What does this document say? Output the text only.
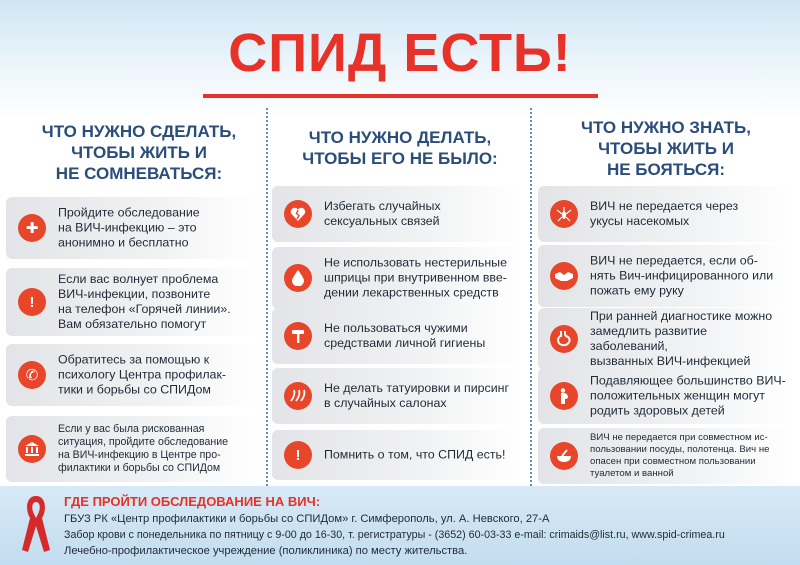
СПИД ЕСТЬ!
ЧТО НУЖНО СДЕЛАТЬ,
ЧТОБЫ ЖИТЬ И
НЕ СОМНЕВАТЬСЯ:
ЧТО НУЖНО ДЕЛАТЬ,
ЧТОБЫ ЕГО НЕ БЫЛО:
ЧТО НУЖНО ЗНАТЬ,
ЧТОБЫ ЖИТЬ И
НЕ БОЯТЬСЯ:
✚
Пройдите обследование
на ВИЧ-инфекцию – это
анонимно и бесплатно
!
Если вас волнует проблема
ВИЧ-инфекции, позвоните
на телефон «Горячей линии».
Вам обязательно помогут
✆
Обратитесь за помощью к
психологу Центра профилак-
тики и борьбы со СПИДом
Если у вас была рискованная
ситуация, пройдите обследование
на ВИЧ-инфекцию в Центре про-
филактики и борьбы со СПИДом
Избегать случайных
сексуальных связей
Не использовать нестерильные
шприцы при внутривенном вве-
дении лекарственных средств
Не пользоваться чужими
средствами личной гигиены
Не делать татуировки и пирсинг
в случайных салонах
!	Помнить о том, что СПИД есть!
ВИЧ не передается через
укусы насекомых
ВИЧ не передается, если об-
нять Вич-инфицированного или
пожать ему руку
При ранней диагностике можно
замедлить развитие заболеваний,
вызванных ВИЧ-инфекцией
Подавляющее большинство ВИЧ-
положительных женщин могут
родить здоровых детей
ВИЧ не передается при совместном ис-
пользовании посуды, полотенца. Вич не
опасен при совместном пользовании
туалетом и ванной
ГДЕ ПРОЙТИ ОБСЛЕДОВАНИЕ НА ВИЧ:
ГБУЗ РК «Центр профилактики и борьбы со СПИДом» г. Симферополь, ул. А. Невского, 27-А
Забор крови с понедельника по пятницу с 9-00 до 16-30, т. регистратуры - (3652) 60-03-33 e-mail: crimaids@list.ru, www.spid-crimea.ru
Лечебно-профилактическое учреждение (поликлиника) по месту жительства.
